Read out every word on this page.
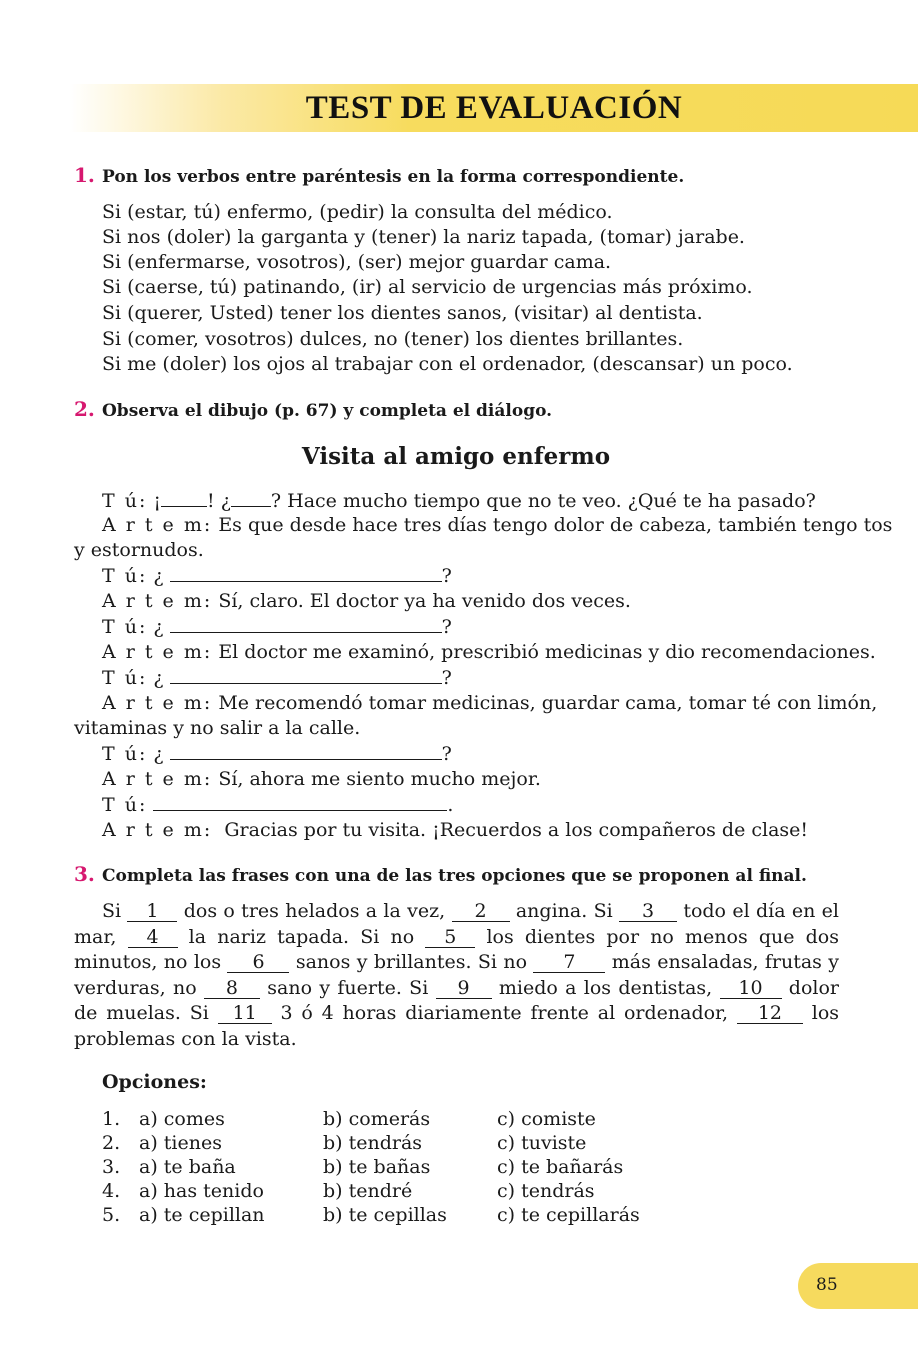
TEST DE EVALUACIÓN
1. Pon los verbos entre paréntesis en la forma correspondiente.
Si (estar, tú) enfermo, (pedir) la consulta del médico.
Si nos (doler) la garganta y (tener) la nariz tapada, (tomar) jarabe.
Si (enfermarse, vosotros), (ser) mejor guardar cama.
Si (caerse, tú) patinando, (ir) al servicio de urgencias más próximo.
Si (querer, Usted) tener los dientes sanos, (visitar) al dentista.
Si (comer, vosotros) dulces, no (tener) los dientes brillantes.
Si me (doler) los ojos al trabajar con el ordenador, (descansar) un poco.
2. Observa el dibujo (p. 67) y completa el diálogo.
Visita al amigo enfermo
T ú: ¡ ! ¿ ? Hace mucho tiempo que no te veo. ¿Qué te ha pasado?
A r t e m: Es que desde hace tres días tengo dolor de cabeza, también tengo tos
y estornudos.
T ú: ¿	?
A r t e m: Sí, claro. El doctor ya ha venido dos veces.
T ú: ¿	?
A r t e m: El doctor me examinó, prescribió medicinas y dio recomendaciones.
T ú: ¿	?
A r t e m: Me recomendó tomar medicinas, guardar cama, tomar té con limón,
vitaminas y no salir a la calle.
T ú: ¿	?
A r t e m: Sí, ahora me siento mucho mejor.
T ú:	.
A r t e m: Gracias por tu visita. ¡Recuerdos a los compañeros de clase!
3. Completa las frases con una de las tres opciones que se proponen al final.
Si 1 dos o tres helados a la vez, 2 angina. Si 3 todo el día en el mar, 4 la nariz tapada. Si no 5 los dientes por no menos que dos minutos, no los 6 sanos y brillantes. Si no 7 más ensaladas, frutas y verduras, no 8 sano y fuerte. Si 9 miedo a los dentistas, 10 dolor de muelas. Si 11 3 ó 4 horas diariamente frente al ordenador, 12 los problemas con la vista.
Opciones:
1. a) comes	b) comerás	c) comiste
2. a) tienes	b) tendrás	c) tuviste
3. a) te baña	b) te bañas	c) te bañarás
4. a) has tenido	b) tendré	c) tendrás
5. a) te cepillan	b) te cepillas	c) te cepillarás
85
